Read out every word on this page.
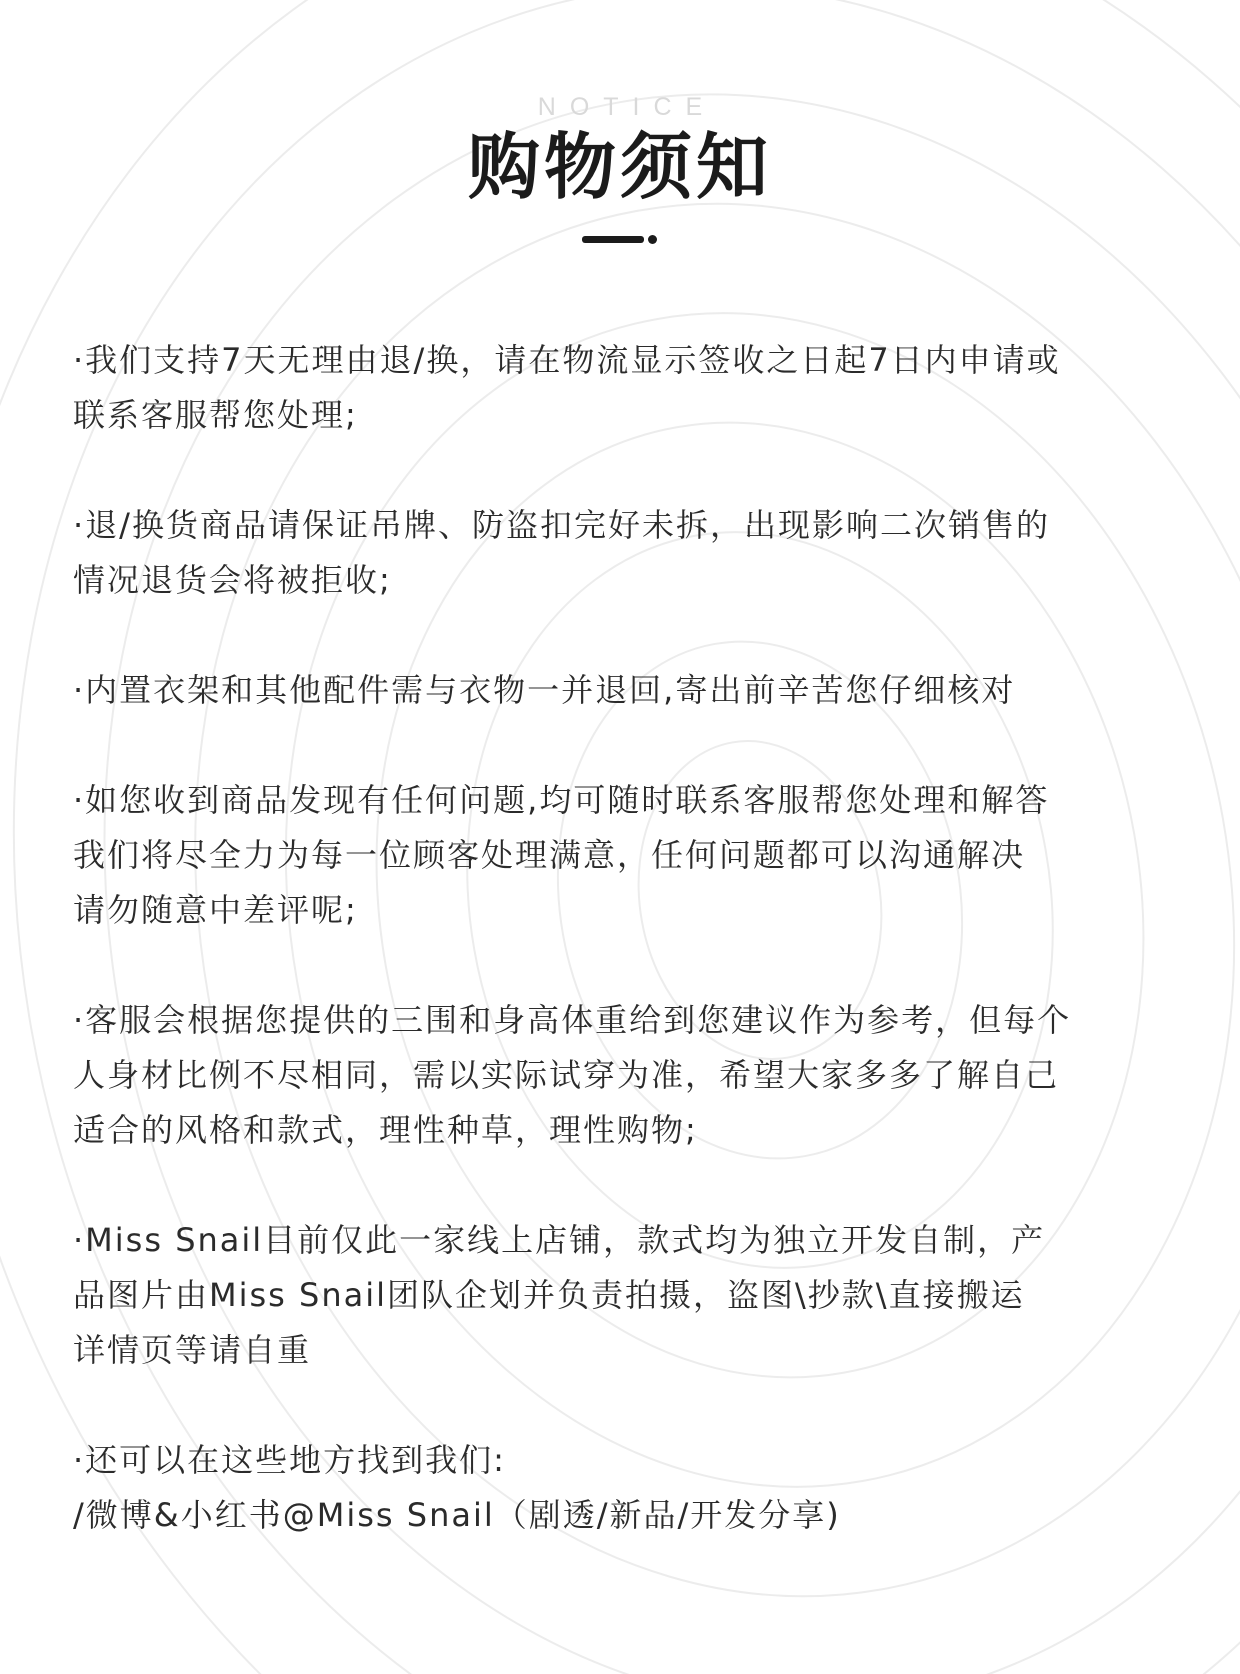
NOTICE
购物须知
·我们支持7天无理由退/换，请在物流显示签收之日起7日内申请或
联系客服帮您处理;
·退/换货商品请保证吊牌、防盗扣完好未拆，出现影响二次销售的
情况退货会将被拒收;
·内置衣架和其他配件需与衣物一并退回,寄出前辛苦您仔细核对
·如您收到商品发现有任何问题,均可随时联系客服帮您处理和解答
我们将尽全力为每一位顾客处理满意，任何问题都可以沟通解决
请勿随意中差评呢;
·客服会根据您提供的三围和身高体重给到您建议作为参考，但每个
人身材比例不尽相同，需以实际试穿为准，希望大家多多了解自己
适合的风格和款式，理性种草，理性购物;
·Miss Snail目前仅此一家线上店铺，款式均为独立开发自制，产
品图片由Miss Snail团队企划并负责拍摄，盗图\抄款\直接搬运
详情页等请自重
·还可以在这些地方找到我们:
/微博&小红书@Miss Snail（剧透/新品/开发分享)
